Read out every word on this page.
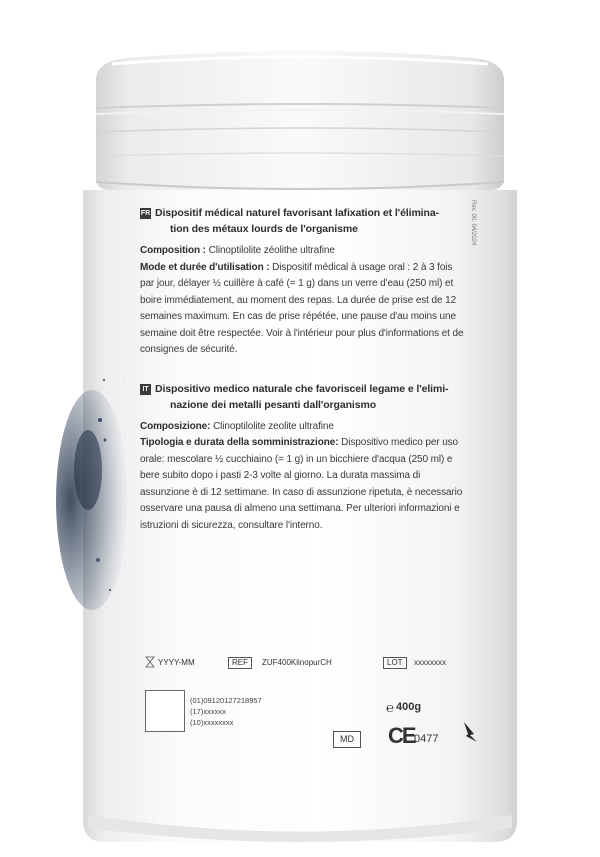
Rev. 00, 04/2024
FR Dispositif médical naturel favorisant lafixation et l'élimina-
tion des métaux lourds de l'organisme
Composition : Clinoptilolite zéolithe ultrafine
Mode et durée d'utilisation : Dispositif médical à usage oral : 2 à 3 fois par jour, délayer ½ cuillère à café (= 1 g) dans un verre d'eau (250 ml) et boire immédiatement, au moment des repas. La durée de prise est de 12 semaines maximum. En cas de prise répétée, une pause d'au moins une semaine doit être respectée. Voir à l'intérieur pour plus d'informations et de consignes de sécurité.
IT Dispositivo medico naturale che favorisceil legame e l'elimi-
nazione dei metalli pesanti dall'organismo
Composizione: Clinoptilolite zeolite ultrafine
Tipologia e durata della somministrazione: Dispositivo medico per uso orale: mescolare ½ cucchiaino (= 1 g) in un bicchiere d'acqua (250 ml) e bere subito dopo i pasti 2-3 volte al giorno. La durata massima di assunzione è di 12 settimane. In caso di assunzione ripetuta, è necessario osservare una pausa di almeno una settimana. Per ulteriori informazioni e istruzioni di sicurezza, consultare l'interno.
YYYY-MM	REF	ZUF400KlinopurCH	LOT	xxxxxxxx
(01)09120127218957
(17)xxxxxx
(10)xxxxxxxx
℮ 400g
MD	CE 0477
